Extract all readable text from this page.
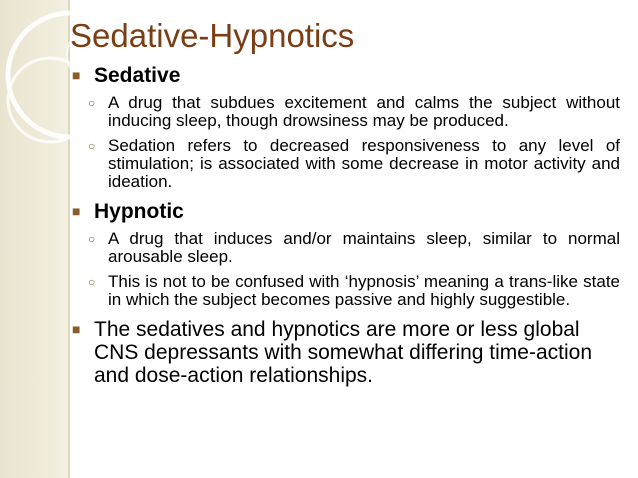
Sedative-Hypnotics
■ Sedative
○ A drug that subdues excitement and calms the subject without inducing sleep, though drowsiness may be produced.
○ Sedation refers to decreased responsiveness to any level of stimulation; is associated with some decrease in motor activity and ideation.
■ Hypnotic
○ A drug that induces and/or maintains sleep, similar to normal arousable sleep.
○ This is not to be confused with ‘hypnosis’ meaning a trans-like state in which the subject becomes passive and highly suggestible.
■ The sedatives and hypnotics are more or less global CNS depressants with somewhat differing time-action and dose-action relationships.
